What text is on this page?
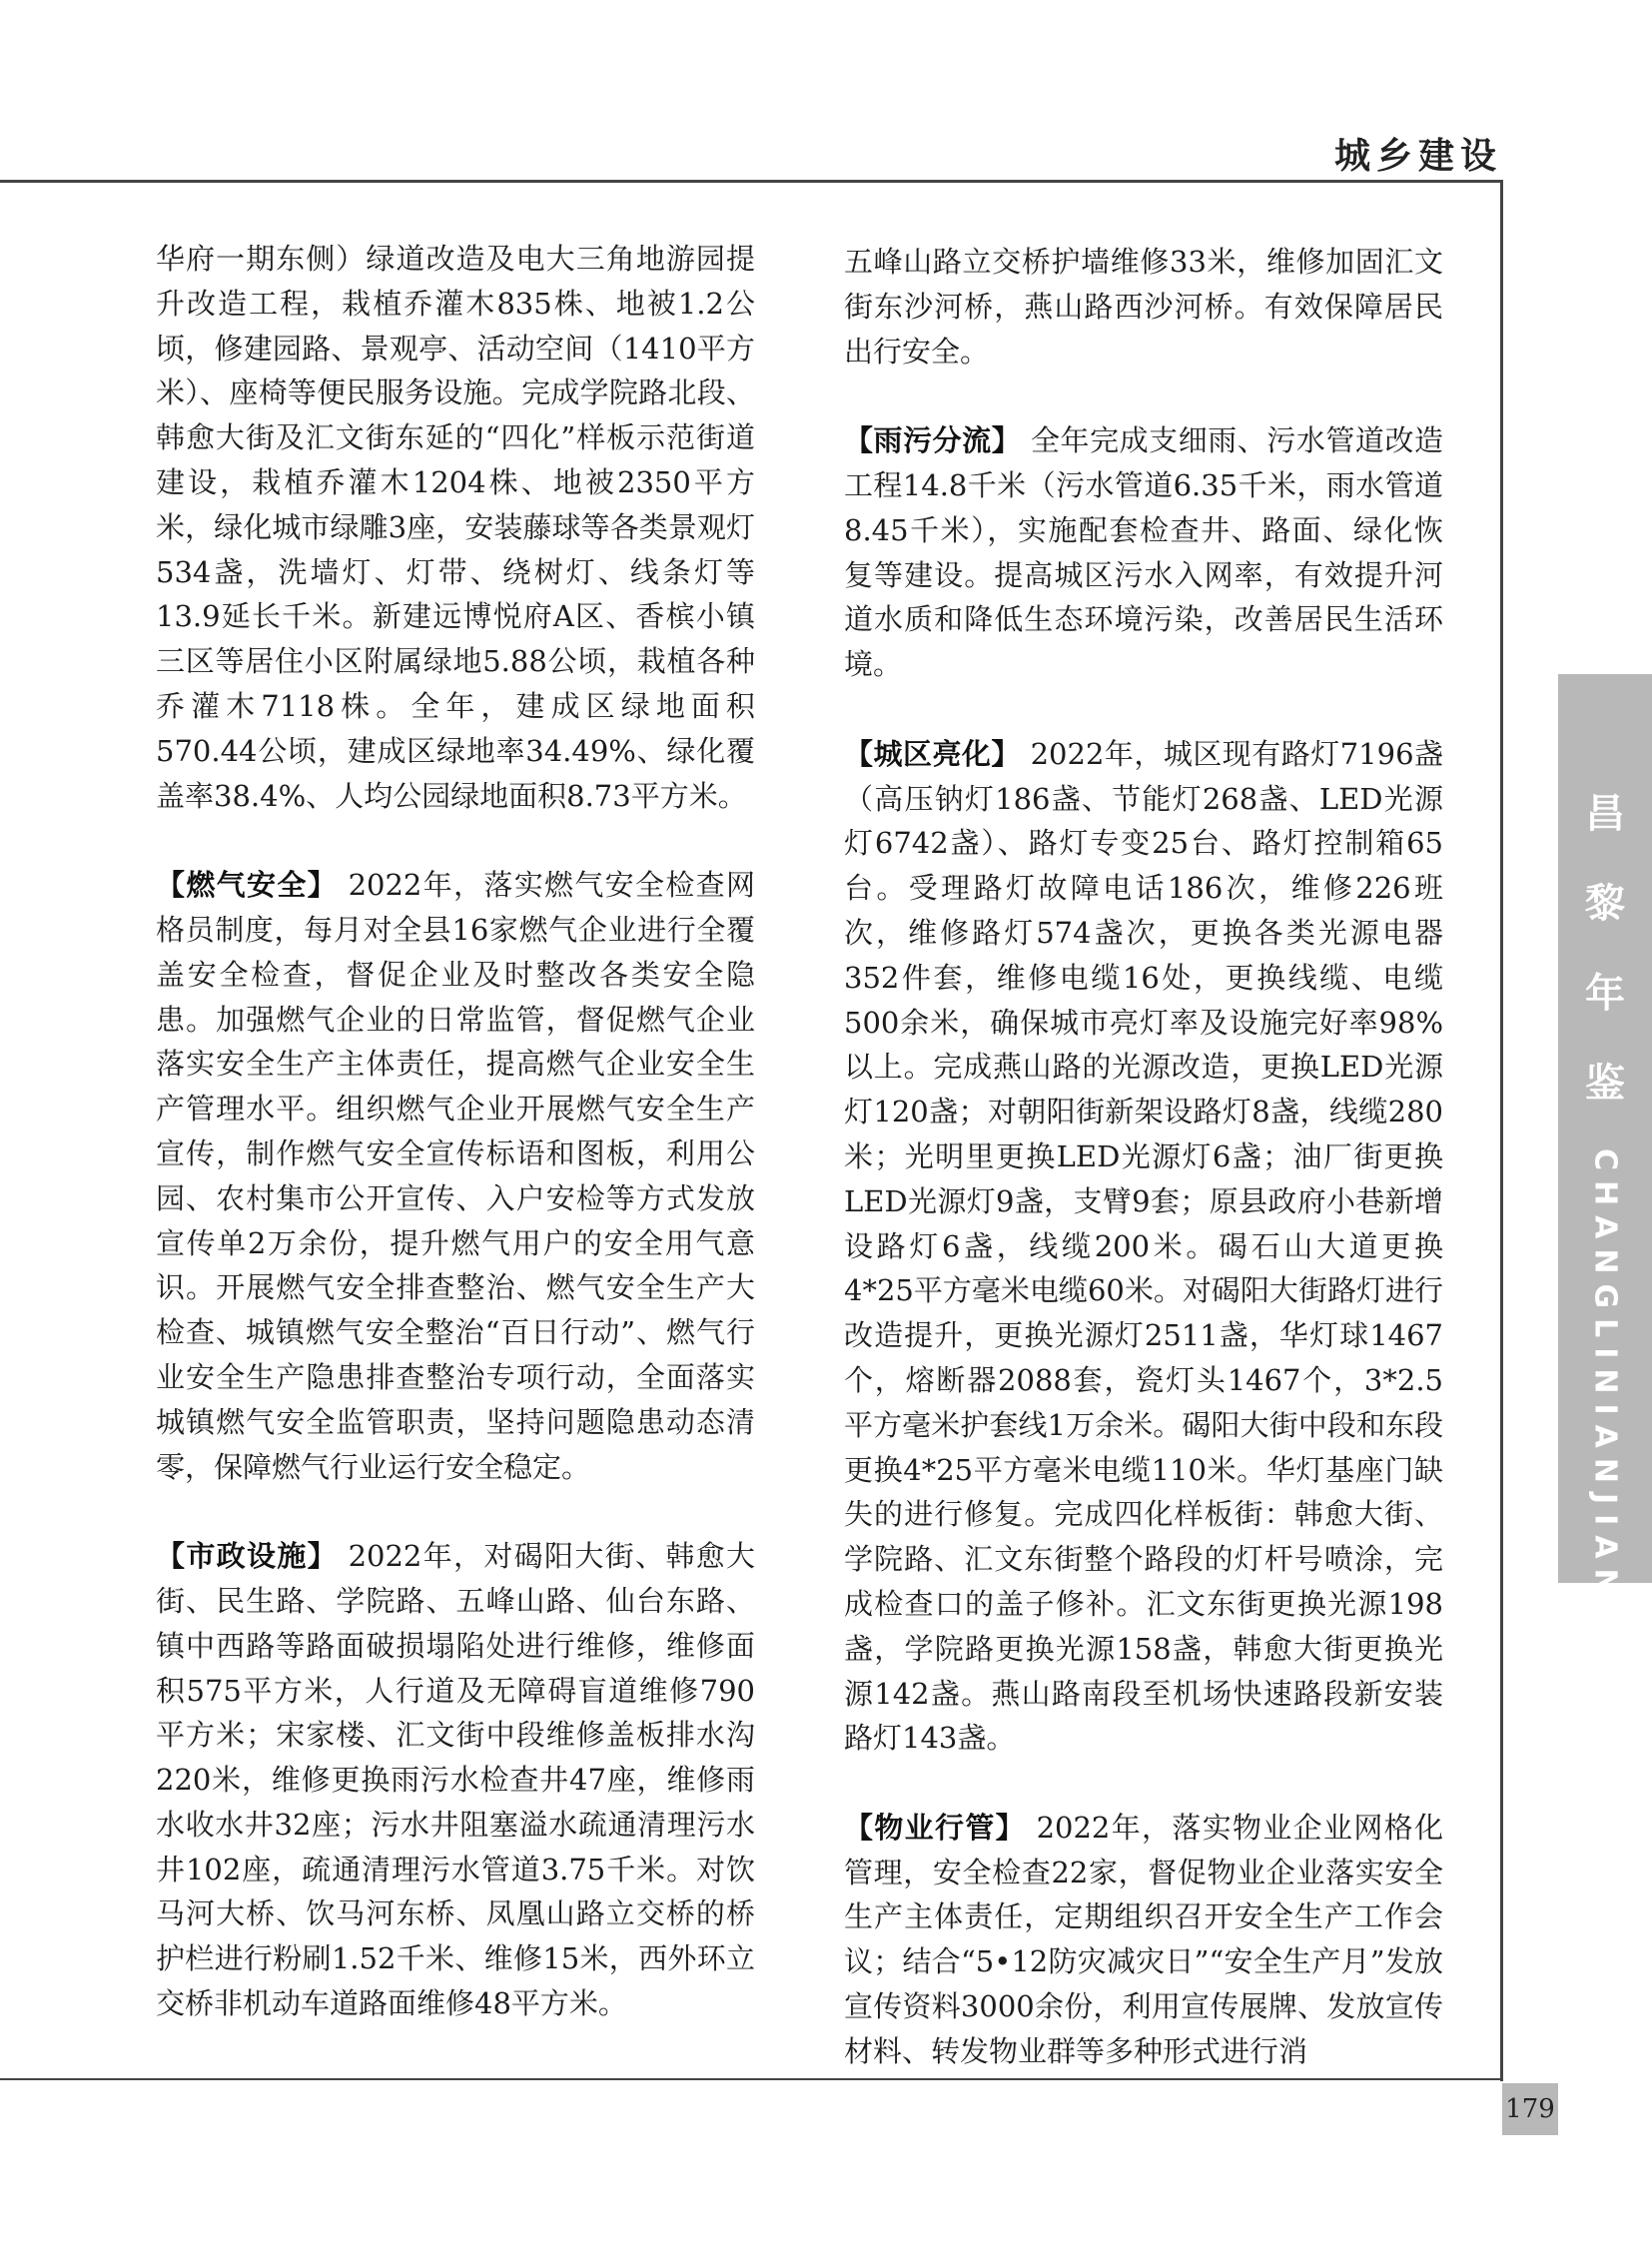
城乡建设
昌
黎
年
鉴
CHANGLINIANJIAN
179

华府一期东侧）绿道改造及电大三角地游园提升改造工程，栽植乔灌木835株、地被1.2公顷，修建园路、景观亭、活动空间（1410平方米）、座椅等便民服务设施。完成学院路北段、韩愈大街及汇文街东延的“四化”样板示范街道建设，栽植乔灌木1204株、地被2350平方米，绿化城市绿雕3座，安装藤球等各类景观灯534盏，洗墙灯、灯带、绕树灯、线条灯等13.9延长千米。新建远博悦府A区、香槟小镇三区等居住小区附属绿地5.88公顷，栽植各种乔灌木7118株。全年，建成区绿地面积570.44公顷，建成区绿地率34.49%、绿化覆盖率38.4%、人均公园绿地面积8.73平方米。

【燃气安全】 2022年，落实燃气安全检查网格员制度，每月对全县16家燃气企业进行全覆盖安全检查，督促企业及时整改各类安全隐患。加强燃气企业的日常监管，督促燃气企业落实安全生产主体责任，提高燃气企业安全生产管理水平。组织燃气企业开展燃气安全生产宣传，制作燃气安全宣传标语和图板，利用公园、农村集市公开宣传、入户安检等方式发放宣传单2万余份，提升燃气用户的安全用气意识。开展燃气安全排查整治、燃气安全生产大检查、城镇燃气安全整治“百日行动”、燃气行业安全生产隐患排查整治专项行动，全面落实城镇燃气安全监管职责，坚持问题隐患动态清零，保障燃气行业运行安全稳定。

【市政设施】 2022年，对碣阳大街、韩愈大街、民生路、学院路、五峰山路、仙台东路、镇中西路等路面破损塌陷处进行维修，维修面积575平方米，人行道及无障碍盲道维修790平方米；宋家楼、汇文街中段维修盖板排水沟220米，维修更换雨污水检查井47座，维修雨水收水井32座；污水井阻塞溢水疏通清理污水井102座，疏通清理污水管道3.75千米。对饮马河大桥、饮马河东桥、凤凰山路立交桥的桥护栏进行粉刷1.52千米、维修15米，西外环立交桥非机动车道路面维修48平方米。

五峰山路立交桥护墙维修33米，维修加固汇文街东沙河桥，燕山路西沙河桥。有效保障居民出行安全。

【雨污分流】 全年完成支细雨、污水管道改造工程14.8千米（污水管道6.35千米，雨水管道8.45千米），实施配套检查井、路面、绿化恢复等建设。提高城区污水入网率，有效提升河道水质和降低生态环境污染，改善居民生活环境。

【城区亮化】 2022年，城区现有路灯7196盏（高压钠灯186盏、节能灯268盏、LED光源灯6742盏）、路灯专变25台、路灯控制箱65台。受理路灯故障电话186次，维修226班次，维修路灯574盏次，更换各类光源电器352件套，维修电缆16处，更换线缆、电缆500余米，确保城市亮灯率及设施完好率98%以上。完成燕山路的光源改造，更换LED光源灯120盏；对朝阳街新架设路灯8盏，线缆280米；光明里更换LED光源灯6盏；油厂街更换LED光源灯9盏，支臂9套；原县政府小巷新增设路灯6盏，线缆200米。碣石山大道更换4*25平方毫米电缆60米。对碣阳大街路灯进行改造提升，更换光源灯2511盏，华灯球1467个，熔断器2088套，瓷灯头1467个，3*2.5平方毫米护套线1万余米。碣阳大街中段和东段更换4*25平方毫米电缆110米。华灯基座门缺失的进行修复。完成四化样板街：韩愈大街、学院路、汇文东街整个路段的灯杆号喷涂，完成检查口的盖子修补。汇文东街更换光源198盏，学院路更换光源158盏，韩愈大街更换光源142盏。燕山路南段至机场快速路段新安装路灯143盏。

【物业行管】 2022年，落实物业企业网格化管理，安全检查22家，督促物业企业落实安全生产主体责任，定期组织召开安全生产工作会议；结合“5•12防灾减灾日”“安全生产月”发放宣传资料3000余份，利用宣传展牌、发放宣传材料、转发物业群等多种形式进行消
